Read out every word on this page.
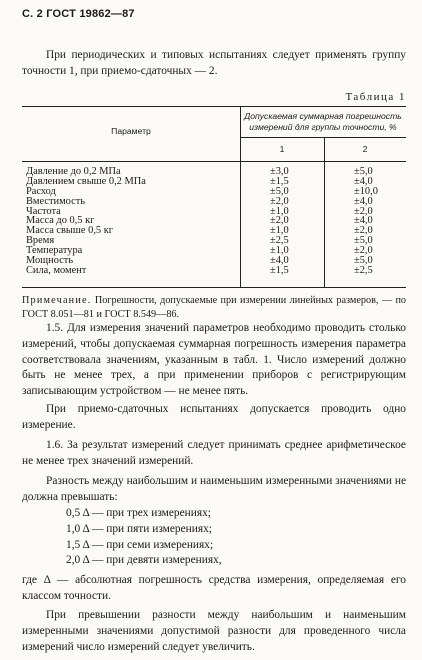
С. 2 ГОСТ 19862—87

При периодических и типовых испытаниях следует применять группу точности 1, при приемо-сдаточных — 2.

Таблица 1
Параметр
Допускаемая суммарная погрешность измерений для группы точности, %
1	2
Давление до 0,2 МПа	±3,0	±5,0
Давлением свыше 0,2 МПа	±1,5	±4,0
Расход	±5,0	±10,0
Вместимость	±2,0	±4,0
Частота	±1,0	±2,0
Масса до 0,5 кг	±2,0	±4,0
Масса свыше 0,5 кг	±1,0	±2,0
Время	±2,5	±5,0
Температура	±1,0	±2,0
Мощность	±4,0	±5,0
Сила, момент	±1,5	±2,5
Примечание. Погрешности, допускаемые при измерении линейных размеров, — по ГОСТ 8.051—81 и ГОСТ 8.549—86.

1.5. Для измерения значений параметров необходимо проводить столько измерений, чтобы допускаемая суммарная погрешность измерения параметра соответствовала значениям, указанным в табл. 1. Число измерений должно быть не менее трех, а при применении приборов с регистрирующим записывающим устройством — не менее пять.

При приемо-сдаточных испытаниях допускается проводить одно измерение.

1.6. За результат измерений следует принимать среднее арифметическое не менее трех значений измерений.

Разность между наибольшим и наименьшим измеренными значениями не должна превышать:

0,5 Δ — при трех измерениях;
1,0 Δ — при пяти измерениях;
1,5 Δ — при семи измерениях;
2,0 Δ — при девяти измерениях,

где Δ — абсолютная погрешность средства измерения, определяемая его классом точности.

При превышении разности между наибольшим и наименьшим измеренными значениями допустимой разности для проведенного числа измерений число измерений следует увеличить.
